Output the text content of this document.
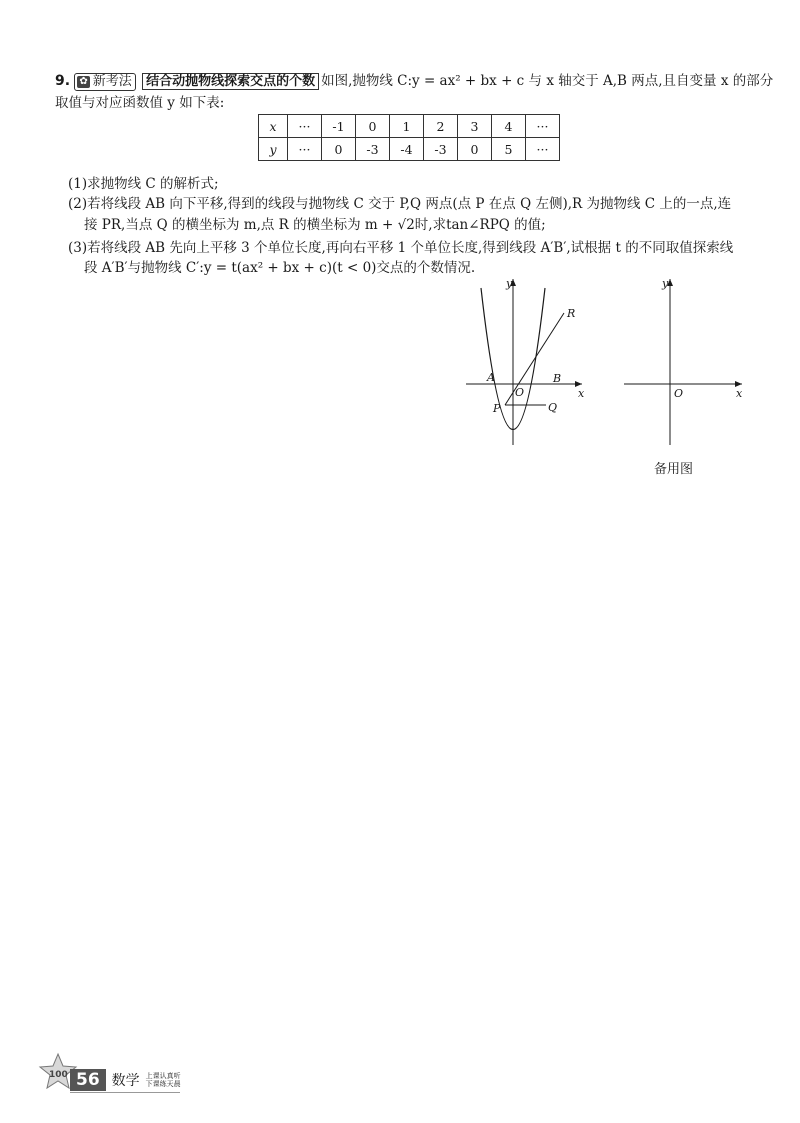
9. ✿ 新考法 结合动抛物线探索交点的个数 如图,抛物线 C:y = ax² + bx + c 与 x 轴交于 A,B 两点,且自变量 x 的部分
取值与对应函数值 y 如下表:
x	···	-1	0	1	2	3	4	···
y	···	0	-3	-4	-3	0	5	···
(1)求抛物线 C 的解析式;
(2)若将线段 AB 向下平移,得到的线段与抛物线 C 交于 P,Q 两点(点 P 在点 Q 左侧),R 为抛物线 C 上的一点,连
接 PR,当点 Q 的横坐标为 m,点 R 的横坐标为 m + √2时,求tan∠RPQ 的值;
(3)若将线段 AB 先向上平移 3 个单位长度,再向右平移 1 个单位长度,得到线段 A′B′,试根据 t 的不同取值探索线
段 A′B′与抛物线 C′:y = t(ax² + bx + c)(t < 0)交点的个数情况.
y
x
A
O
B
P	Q
R
y
x
O
备用图
100 56 数学 上课认真听
下课练天晨
